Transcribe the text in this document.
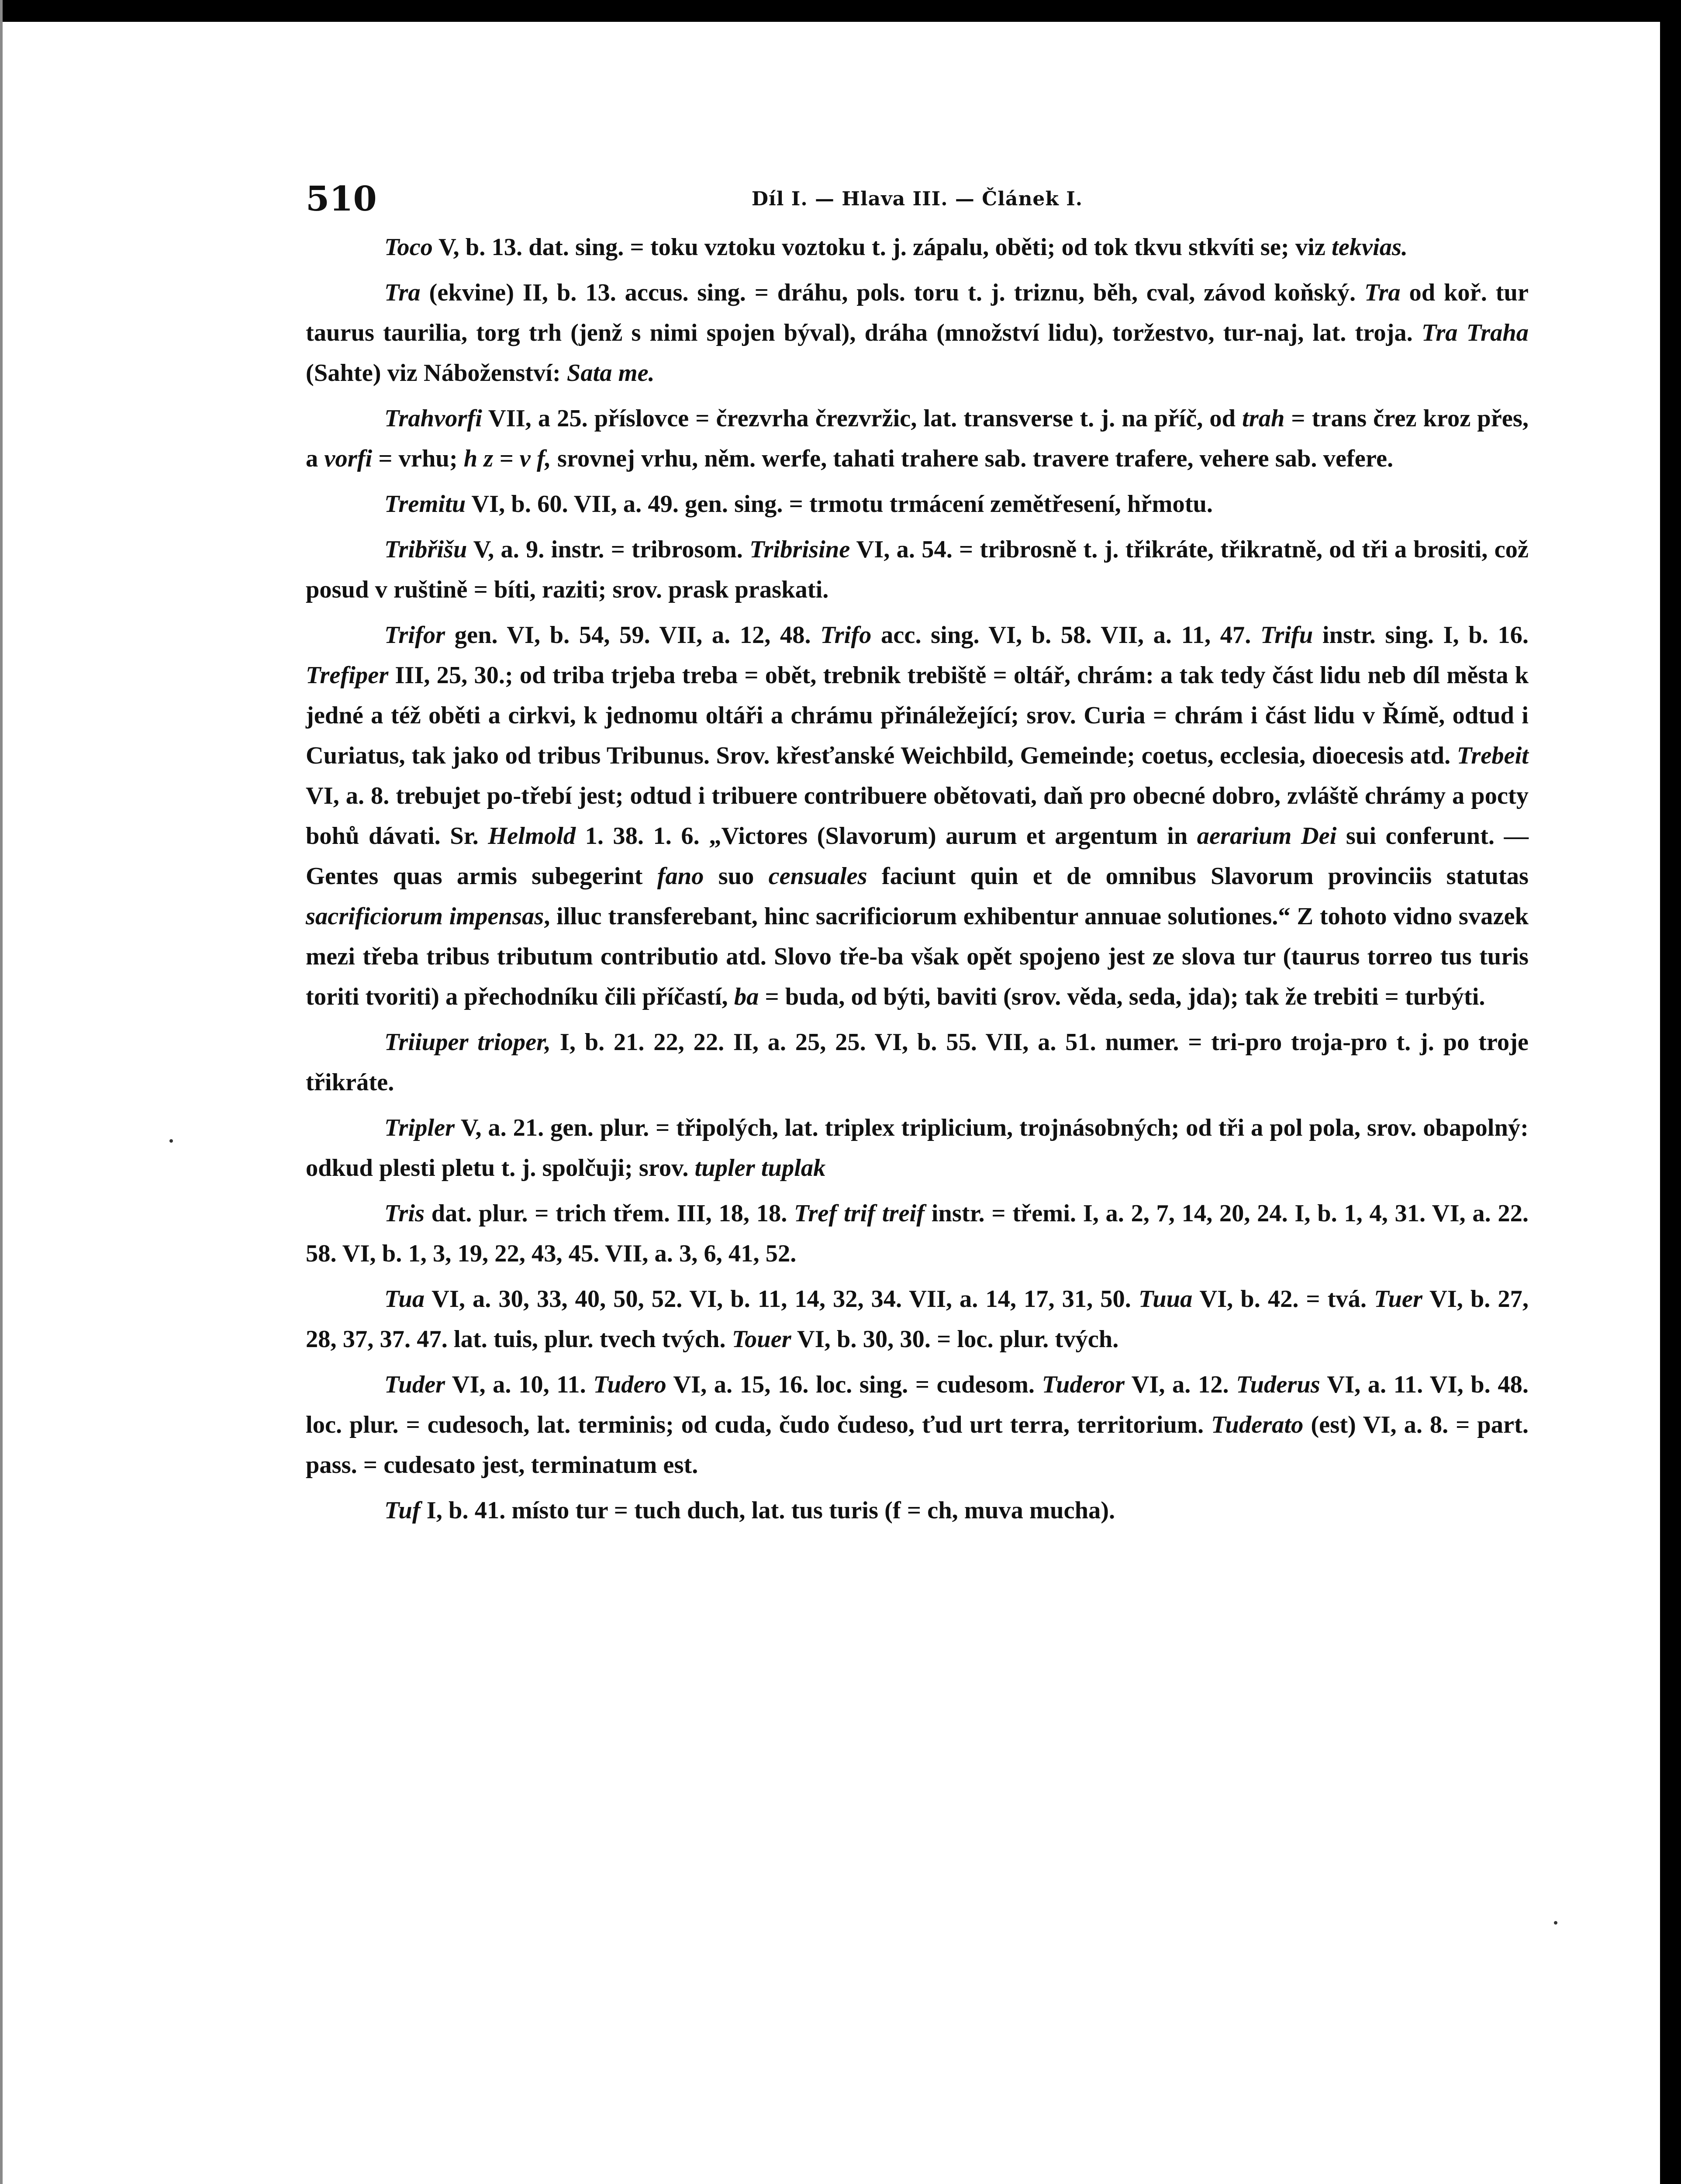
510	Díl I. — Hlava III. — Článek I.

Toco V, b. 13. dat. sing. = toku vztoku voztoku t. j. zápalu, oběti; od tok tkvu stkvíti se; viz tekvias.

Tra (ekvine) II, b. 13. accus. sing. = dráhu, pols. toru t. j. triznu, běh, cval, závod koňský. Tra od koř. tur taurus taurilia, torg trh (jenž s nimi spojen býval), dráha (množství lidu), toržestvo, tur-naj, lat. troja. Tra Traha (Sahte) viz Náboženství: Sata me.

Trahvorfi VII, a 25. příslovce = črezvrha črezvržic, lat. transverse t. j. na příč, od trah = trans črez kroz přes, a vorfi = vrhu; h z = v f, srovnej vrhu, něm. werfe, tahati trahere sab. travere trafere, vehere sab. vefere.

Tremitu VI, b. 60. VII, a. 49. gen. sing. = trmotu trmácení zemětřesení, hřmotu.

Tribřišu V, a. 9. instr. = tribrosom. Tribrisine VI, a. 54. = tribrosně t. j. třikráte, třikratně, od tři a brositi, což posud v ruštině = bíti, raziti; srov. prask praskati.

Trifor gen. VI, b. 54, 59. VII, a. 12, 48. Trifo acc. sing. VI, b. 58. VII, a. 11, 47. Trifu instr. sing. I, b. 16. Trefiper III, 25, 30.; od triba trjeba treba = obět, trebnik trebiště = oltář, chrám: a tak tedy část lidu neb díl města k jedné a též oběti a cirkvi, k jednomu oltáři a chrámu přináležející; srov. Curia = chrám i část lidu v Římě, odtud i Curiatus, tak jako od tribus Tribunus. Srov. křesťanské Weichbild, Gemeinde; coetus, ecclesia, dioecesis atd. Trebeit VI, a. 8. trebujet po-třebí jest; odtud i tribuere contribuere obětovati, daň pro obecné dobro, zvláště chrámy a pocty bohů dávati. Sr. Helmold 1. 38. 1. 6. „Victores (Slavorum) aurum et argentum in aerarium Dei sui conferunt. — Gentes quas armis subegerint fano suo censuales faciunt quin et de omnibus Slavorum provinciis statutas sacrificiorum impensas, illuc transferebant, hinc sacrificiorum exhibentur annuae solutiones.“ Z tohoto vidno svazek mezi třeba tribus tributum contributio atd. Slovo tře-ba však opět spojeno jest ze slova tur (taurus torreo tus turis toriti tvoriti) a přechodníku čili příčastí, ba = buda, od býti, baviti (srov. věda, seda, jda); tak že trebiti = turbýti.

Triiuper trioper, I, b. 21. 22, 22. II, a. 25, 25. VI, b. 55. VII, a. 51. numer. = tri-pro troja-pro t. j. po troje třikráte.

Tripler V, a. 21. gen. plur. = třipolých, lat. triplex triplicium, trojnásobných; od tři a pol pola, srov. obapolný: odkud plesti pletu t. j. spolčuji; srov. tupler tuplak

Tris dat. plur. = trich třem. III, 18, 18. Tref trif treif instr. = třemi. I, a. 2, 7, 14, 20, 24. I, b. 1, 4, 31. VI, a. 22. 58. VI, b. 1, 3, 19, 22, 43, 45. VII, a. 3, 6, 41, 52.

Tua VI, a. 30, 33, 40, 50, 52. VI, b. 11, 14, 32, 34. VII, a. 14, 17, 31, 50. Tuua VI, b. 42. = tvá. Tuer VI, b. 27, 28, 37, 37. 47. lat. tuis, plur. tvech tvých. Touer VI, b. 30, 30. = loc. plur. tvých.

Tuder VI, a. 10, 11. Tudero VI, a. 15, 16. loc. sing. = cudesom. Tuderor VI, a. 12. Tuderus VI, a. 11. VI, b. 48. loc. plur. = cudesoch, lat. terminis; od cuda, čudo čudeso, ťud urt terra, territorium. Tuderato (est) VI, a. 8. = part. pass. = cudesato jest, terminatum est.

Tuf I, b. 41. místo tur = tuch duch, lat. tus turis (f = ch, muva mucha).
